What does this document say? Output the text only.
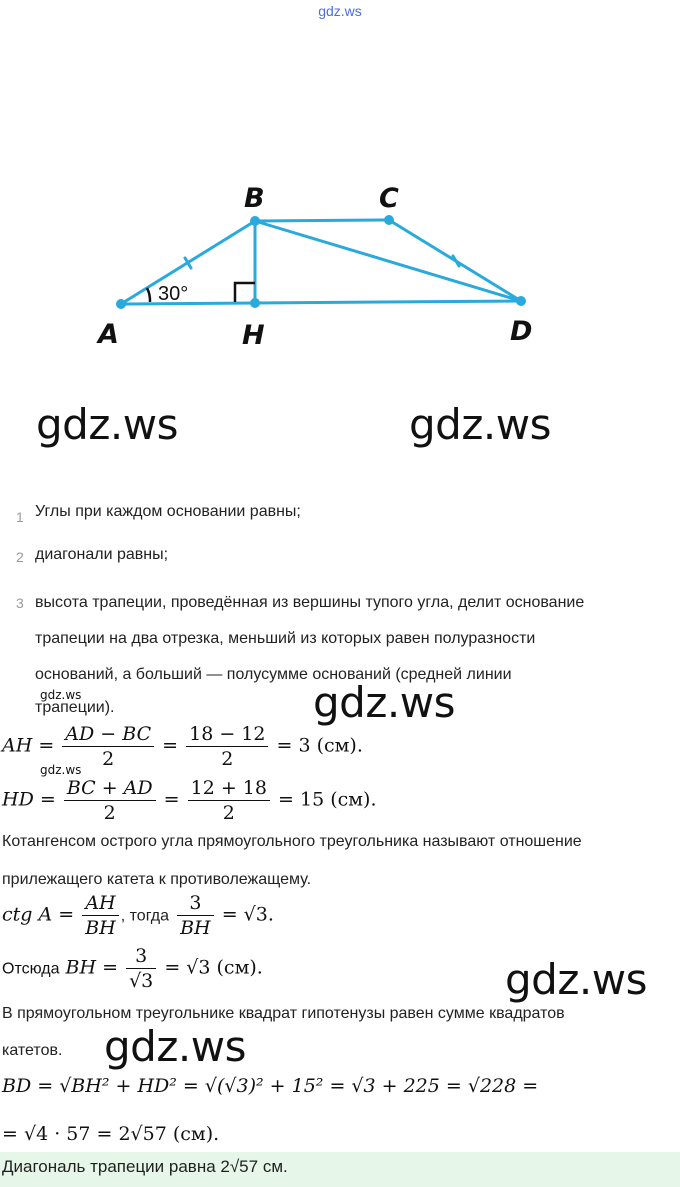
gdz.ws
A
B	C
D
H
30°
gdz.ws	gdz.ws
gdz.ws
gdz.ws
gdz.ws
gdz.ws
gdz.ws
1 Углы при каждом основании равны;
2 диагонали равны;
3 высота трапеции, проведённая из вершины тупого угла, делит основание
трапеции на два отрезка, меньший из которых равен полуразности
оснований, а больший — полусумме оснований (средней линии
трапеции).
AH = $\frac{AD - BC}{2} = \frac{18 - 12}{2} = 3$ (см).
HD = $\frac{BC + AD}{2} = \frac{12 + 18}{2} = 15$ (см).
Котангенсом острого угла прямоугольного треугольника называют отношение
прилежащего катета к противолежащему.
ctg $A = \frac{AH}{BH}$ , тогда $\frac{3}{BH} = √3$.
Отсюда BH = $\frac{3}{√3} = √3$ (см).
В прямоугольном треугольнике квадрат гипотенузы равен сумме квадратов
катетов.
BD = √BH² + HD² = √(√3)² + 15² = √3 + 225 = √228 =
= √4 · 57 = 2√57 (см).
Диагональ трапеции равна 2√57 см.
